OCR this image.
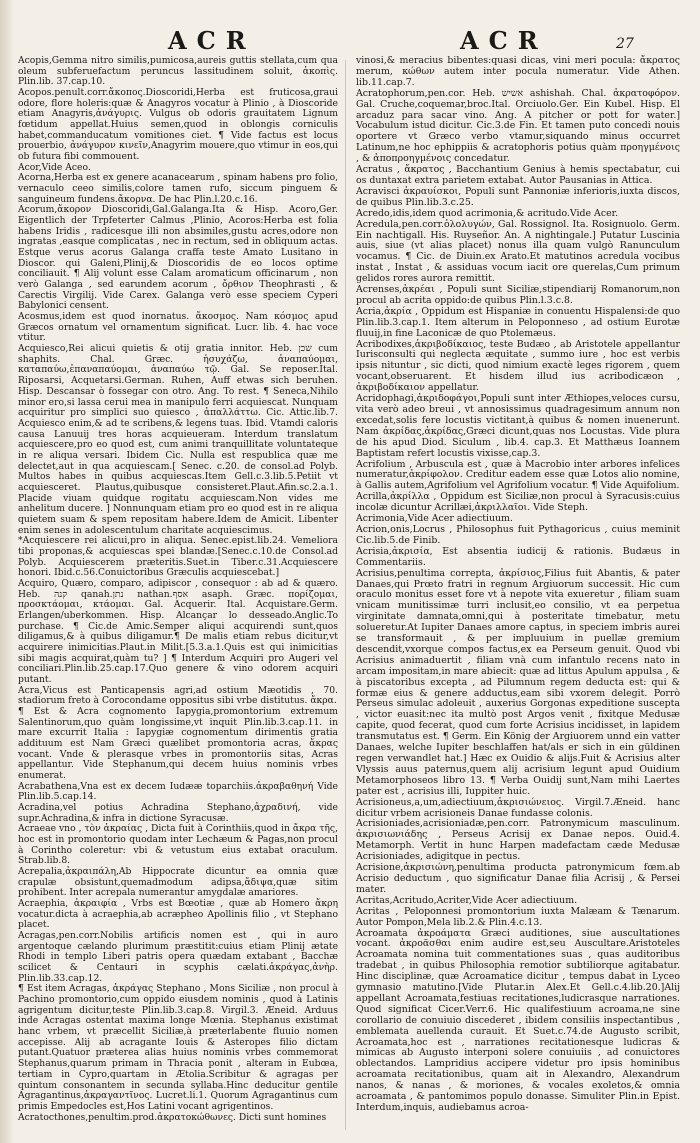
ACR	ACR	27

Acopis,Gemma nitro similis,pumicosa,aureis guttis stellata,cum qua oleum subferuefactum peruncus lassitudinem soluit, ἀκοπὶς. Plin.lib. 37.cap.10.

Acopos.penult.corr.ἄκοπος.Dioscoridi,Herba est fruticosa,graui odore, flore holeris:quæ & Anagyros vocatur à Plinio , à Dioscoride etiam Anagyris,ἀνάγυρις. Vulgus ob odoris grauitatem Lignum fœtidum appellat.Huius semen,quod in oblongis corniculis habet,commanducatum vomitiones ciet. ¶ Vide factus est locus prouerbio, ἀνάγυρον κινεῖν,Anagyrim mouere,quo vtimur in eos,qui ob futura fibi commouent.

Acor,Vide Aceo.

Acorna,Herba est ex genere acanacearum , spinam habens pro folio, vernaculo ceeo similis,colore tamen rufo, siccum pinguem & sanguineum fundens.ἄκορνα. De hac Plin.l.20.c.16.

Acorum,ἄκορον Dioscoridi,Gal.Galanga.Ita & Hisp. Acoro,Ger. Eigentlich der Trpfeterter Calmus ,Plinio, Acoros:Herba est folia habens Iridis , radicesque illi non absimiles,gustu acres,odore non ingratas ,easque complicatas , nec in rectum, sed in obliquum actas. Estque verus acorus Galanga craffa teste Amato Lusitano in Dioscor. qui Galeni,Plinij,& Dioscoridis de eo locos optime conciliauit. ¶ Alij volunt esse Calam aromaticum officinarum , non verò Galanga , sed earundem acorum , ὄρθιον Theophrasti , & Carectis Virgilij. Vide Carex. Galanga verò esse speciem Cyperi Babylonici censent.

Acosmus,idem est quod inornatus. ἄκοσμος. Nam κόσμος apud Græcos ornatum vel ornamentum significat. Lucr. lib. 4. hac voce vtitur.

Acquiesco,Rei alicui quietis & otij gratia innitor. Heb. שכן cum shaphits. Chal. Græc. ἡσυχάζω, ἀναπαύομαι, καταπαύω,ἐπαναπαύομαι, ἀναπαύω τῷ. Gal. Se reposer.Ital. Riposarsi, Acquetarsi.German. Ruhen, Auff etwas sich beruhen. Hisp. Descansar ò fossegar con otro. Ang. To rest. ¶ Seneca,Nihilo minor ero,si lassa cerui mea in manipulo ferri acquiescat. Nunquam acquiritur pro simplici suo quiesco , ἀπαλλάττω. Cic. Attic.lib.7. Acquiesco enim,& ad te scribens,& legens tuas. Ibid. Vtamdi caloris causa Lanuuij tres horas acquieueram. Interdum translatum acquiescere,pro eo quod est, cum animi tranquillitate voluntateque in re aliqua versari. Ibidem Cic. Nulla est respublica quæ me delectet,aut in qua acquiescam.[ Senec. c.20. de consol.ad Polyb. Multos habes in quibus acquiescas.Item Gell.c.3.lib.5.Petiit vt acquiesceret. Plautus,quibusque consisteret.Plaut.Afin.sc.2.a.1. Placide viuam quidque rogitatu acquiescam.Non vides me anhelitum ducere. ] Nonnunquam etiam pro eo quod est in re aliqua quietem suam & spem repositam habere.Idem de Amicit. Libenter enim senes in adolescentulum charitate acquiescimus.

*Acquiescere rei alicui,pro in aliqua. Senec.epist.lib.24. Vemeliora tibi proponas,& acquiescas spei blandæ.[Senec.c.10.de Consol.ad Polyb. Acquiescerem præteritis.Suet.in Tiber.c.31.Acquiescere honori. Ibid.c.56.Conuictoribus Græculis acquiescebat.]

Acquiro, Quæro, comparo, adipiscor , consequor : ab ad & quæro. Heb. קנה qanah.נתן nathan.אסף asaph. Græc. πορίζομαι, προσκτάομαι, κτάομαι. Gal. Acquerir. Ital. Acquistare.Germ. Erlangen/uberkommen. Hisp. Alcançar lo desseado.Anglic.To purchase. ¶ Cic.de Amic.Semper aliqui acquirendi sunt,quos diligamus,& à quibus diligamur.¶ De malis etiam rebus dicitur,vt acquirere inimicitias.Plaut.in Milit.[5.3.a.1.Quis est qui inimicitias sibi magis acquirat,quàm tu? ] ¶ Interdum Acquiri pro Augeri vel conciliari.Plin.lib.25.cap.17.Quo genere & vino odorem acquiri putant.

Acra,Vicus est Panticapensis agri,ad ostium Mæotidis , 70. stadiorum freto à Corocondame oppositus sibi vrbe distitutus. ἄκρα.

¶ Est & Acra cognomento Iapygia,promontorium extremum Salentinorum,quo quàm longissime,vt inquit Plin.lib.3.cap.11. in mare excurrit Italia : Iapygiæ cognomentum dirimentis gratia addituum est Nam Græci quælibet promontoria acras, ἄκρας vocant. Vnde & plerasque vrbes in promontoriis sitas, Acras appellantur. Vide Stephanum,qui decem huius nominis vrbes enumerat.

Acrabathena,Vna est ex decem Iudææ toparchiis.ἀκραβαθηνή Vide Plin.lib.5.cap.14.

Acradina,vel potius Achradina Stephano,ἀχραδινή, vide supr.Achradina,& infra in dictione Syracusæ.

Acraeae vno , τὸν ἀκραίας , Dicta fuit à Corinthiis,quod in ἄκρα τῆς, hoc est in promontorio quodam inter Lechæum & Pagas,non procul à Corintho coleretur: vbi & vetustum eius extabat oraculum. Strab.lib.8.

Acrepalia,ἀκραιπάλη,Ab Hippocrate dicuntur ea omnia quæ crapulæ obsistunt,quemadmodum adipsa,ἄδιψα,quæ sitim prohibent. Inter acrepala numerantur amygdalæ amariores.

Acraephia, ἀκραιφία , Vrbs est Bœotiæ , quæ ab Homero ἄκρη vocatur.dicta à acraephia,ab acræpheo Apollinis filio , vt Stephano placet.

Acragas,pen.corr.Nobilis artificis nomen est , qui in auro argentoque cælando plurimum præstitit:cuius etiam Plinij ætate Rhodi in templo Liberi patris opera quædam extabant , Bacchæ scilicet & Centauri in scyphis cælati.ἀκράγας,ἀνὴρ. Plin.lib.33.cap.12.

¶ Est item Acragas, ἀκράγας Stephano , Mons Siciliæ , non procul à Pachino promontorio,cum oppido eiusdem nominis , quod à Latinis agrigentum dicitur,teste Plin.lib.3.cap.8. Virgil.3. Æneid. Arduus inde Acragas ostentat maxima longe Mœnia. Stephanus existimat hanc vrbem, vt præcellit Siciliæ,à præterlabente fluuio nomen accepisse. Alij ab acragante Iouis & Asteropes filio dictam putant.Quatuor præterea alias huius nominis vrbes commemorat Stephanus,quarum primam in Thracia ponit , alteram in Eubœa, tertiam in Cypro,quartam in Ætolia.Scribitur & agragas per quintum consonantem in secunda syllaba.Hinc deducitur gentile Agragantinus,ἀκραγαντῖνος. Lucret.li.1. Quorum Agragantinus cum primis Empedocles est,Hos Latini vocant agrigentinos.

Acratocthones,penultim.prod.ἀκρατοκώθωνες. Dicti sunt homines

vinosi,& meracius bibentes:quasi dicas, vini meri pocula: ἄκρατος merum, κώθων autem inter pocula numeratur. Vide Athen. lib.11.cap.7.

Acratophorum,pen.cor. Heb. אשיש ashishah. Chal. ἀκρατοφόρον. Gal. Cruche,coquemar,broc.Ital. Orciuolo.Ger. Ein Kubel. Hisp. El arcaduz para sacar vino. Ang. A pitcher or pott for water.] Vocabulum istud dicitur. Cic.3.de Fin. Et tamen puto concedi nouis oportere vt Græco verbo vtamur,siquando minus occurret Latinum,ne hoc ephippiis & acratophoris potius quàm προηγμένοις , & ἀποπροηγμένοις concedatur.

Acratus , ἄκρατος , Bacchantium Genius à hemis spectabatur, cui os duntaxat extra parietem extabat. Autor Pausanias in Attica.

Acravisci ἀκραυίσκοι, Populi sunt Pannoniæ inferioris,iuxta discos, de quibus Plin.lib.3.c.25.

Acredo,idis,idem quod acrimonia,& acritudo.Vide Acer.

Acredula,pen.corr.ὀλολυγών, Gal. Rossignol. Ita. Rosignuolo. Germ. Ein nachtigall. His. Ruyseñor. An. A nightingale.] Putatur Luscinia auis, siue (vt alias placet) nonus illa quam vulgò Ranunculum vocamus. ¶ Cic. de Diuin.ex Arato.Et matutinos acredula vocibus instat , Instat , & assiduas vocum iacit ore querelas,Cum primum gelidos rores aurora remittit.

Acrenses,ἀκρέαι , Populi sunt Siciliæ,stipendiarij Romanorum,non procul ab acrita oppido:de quibus Plin.l.3.c.8.

Acria,ἀκρία , Oppidum est Hispaniæ in conuentu Hispalensi:de quo Plin.lib.3.cap.1. Item alterum in Peloponneso , ad ostium Eurotæ fluuij,in fine Laconicæ de quo Ptolemæus.

Acribodixes,ἀκριβοδίκαιος, teste Budæo , ab Aristotele appellantur Iurisconsulti qui neglecta æquitate , summo iure , hoc est verbis ipsis nituntur , sic dicti, quod nimium exactè leges rigorem , quem vocant,obseruarent. Et hisdem illud ius acribodicæon , ἀκριβοδίκαιον appellatur.

Acridophagi,ἀκριδοφάγοι,Populi sunt inter Æthiopes,veloces cursu, vita verò adeo breui , vt annosissimus quadragesimum annum non excedat,solis fere locustis victitant,à quibus & nomen inuenerunt. Nam ἀκρίδας,ἀκρίδας,Græci dicunt,quas nos Locustas. Vide plura de his apud Diod. Siculum , lib.4. cap.3. Et Matthæus Ioannem Baptistam refert locustis vixisse,cap.3.

Acrifolium , Arbuscula est , quæ à Macrobio inter arbores infelices numeratur,ἀκρίφολον. Creditur eadem esse quæ Lotos alio nomine, à Gallis autem,Agrifolium vel Agrifolium vocatur. ¶ Vide Aquifolium.

Acrilla,ἀκρίλλα , Oppidum est Siciliæ,non procul à Syracusis:cuius incolæ dicuntur Acrillæi,ἀκριλλαῖοι. Vide Steph.

Acrimonia,Vide Acer adiectiuum.

Acrion,onis,Locrus , Philosophus fuit Pythagoricus , cuius meminit Cic.lib.5.de Finib.

Acrisia,ἀκρισία, Est absentia iudicij & rationis. Budæus in Commentariis.

Acrisius,penultima correpta, ἀκρίσιος,Filius fuit Abantis, & pater Danaes,qui Prœto fratri in regnum Argiuorum successit. Hic cum oraculo monitus esset fore vt à nepote vita exueretur , filiam suam vnicam munitissimæ turri inclusit,eo consilio, vt ea perpetua virginitate damnata,omni,qui à posteritate timebatur, metu solueretur.At Iupiter Danaes amore captus, in speciem imbris aurei se transformauit , & per impluuium in puellæ gremium descendit,vxorque compos factus,ex ea Perseum genuit. Quod vbi Acrisius animaduertit , filiam vnà cum infantulo recens nato in arcam impositam,in mare abiecit: quæ ad littus Apulum appulsa , & à piscatoribus excepta , ad Pilumnum regem deducta est: qui & formæ eius & genere adductus,eam sibi vxorem delegit. Porrò Perseus simulac adoleuit , auxerius Gorgonas expeditione suscepta , victor euasit:nec ita multò post Argos venit , fixitque Medusæ capite, quod fecerat, quod cum forte Acrisius incidisset, in lapidem transmutatus est. ¶ Germ. Ein König der Argiuorem unnd ein vatter Danaes, welche Iupiter beschlaffen hat/als er sich in ein güldinen regen verwandlet hat.] Hæc ex Ouidio & alijs.Fuit & Acrisius alter Vlyssis auus paternus,quem alij acrisium legunt apud Ouidium Metamorphoseos libro 13. ¶ Verba Ouidij sunt,Nam mihi Laertes pater est , acrisius illi, Iuppiter huic.

Acrisioneus,a,um,adiectiuum,ἀκρισιώνειος. Virgil.7.Æneid. hanc dicitur vrbem acrisioneis Danae fundasse colonis.

Acrisioniades,acrisioniadæ,pen.corr. Patronymicum masculinum. ἀκρισιωνιάδης , Perseus Acrisij ex Danae nepos. Ouid.4. Metamorph. Vertit in hunc Harpen madefactam cæde Medusæ Acrisioniades, adigitque in pectus.

Acrisione,ἀκρισιώνη,penultima producta patronymicum fœm.ab Acrisio deductum , quo significatur Danae filia Acrisij , & Persei mater.

Acritas,Acritudo,Acriter,Vide Acer adiectiuum.

Acritas , Peloponnesi promontorium iuxta Malæam & Tænarum. Autor Pompon,Mela lib.2.& Plin.4.c.13.

Acroamata ἀκροάματα Græci auditiones, siue auscultationes vocant. ἀκροᾶσθαι enim audire est,seu Auscultare.Aristoteles Acroamata nomina tuit commentationes suas , quas auditoribus tradebat , in quibus Philosophia remotior subtiliorque agitabatur. Hinc disciplinæ, quæ Acroamatice dicitur , tempus dabat in Lyceo gymnasio matutino.[Vide Plutar.in Alex.Et Gell.c.4.lib.20.]Alij appellant Acroamata,festiuas recitationes,ludicrasque narrationes. Quod significat Cicer.Verr.6. Hic qualifestiuum acroama,ne sine corollario de conuiuio discederet , ibidem consiliis inspectantibus , emblemata auellenda curauit. Et Suet.c.74.de Augusto scribit, Acroamata,hoc est , narrationes recitationesque ludicras & mimicas ab Augusto interponi solere conuiuiis , ad conuictores oblectandos. Lampridius accipere videtur pro ipsis hominibus acroamata recitationibus, quam ait in Alexandro, Alexandrum nanos, & nanas , & moriones, & vocales exoletos,& omnia acroamata , & pantomimos populo donasse. Simuliter Plin.in Epist. Interdum,inquis, audiebamus acroa-
